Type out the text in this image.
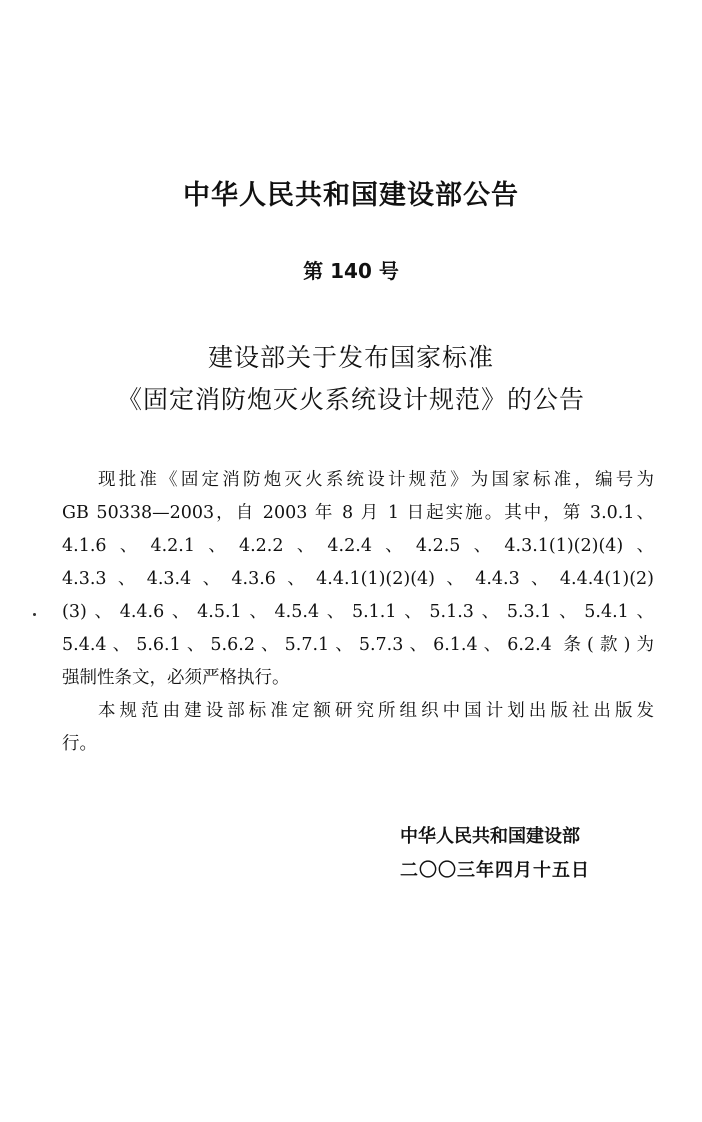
中华人民共和国建设部公告
第 140 号
建设部关于发布国家标准
《固定消防炮灭火系统设计规范》的公告
现批准《固定消防炮灭火系统设计规范》为国家标准，编号为
GB 50338—2003，自 2003 年 8 月 1 日起实施。其中，第 3.0.1、
4.1.6、4.2.1、4.2.2、4.2.4、4.2.5、4.3.1(1)(2)(4)、
4.3.3、4.3.4、4.3.6、4.4.1(1)(2)(4)、4.4.3、4.4.4(1)(2)
(3)、4.4.6、4.5.1、4.5.4、5.1.1、5.1.3、5.3.1、5.4.1、
5.4.4、5.6.1、5.6.2、5.7.1、5.7.3、6.1.4、6.2.4 条(款)为
强制性条文，必须严格执行。
本规范由建设部标准定额研究所组织中国计划出版社出版发
行。
中华人民共和国建设部
二〇〇三年四月十五日
